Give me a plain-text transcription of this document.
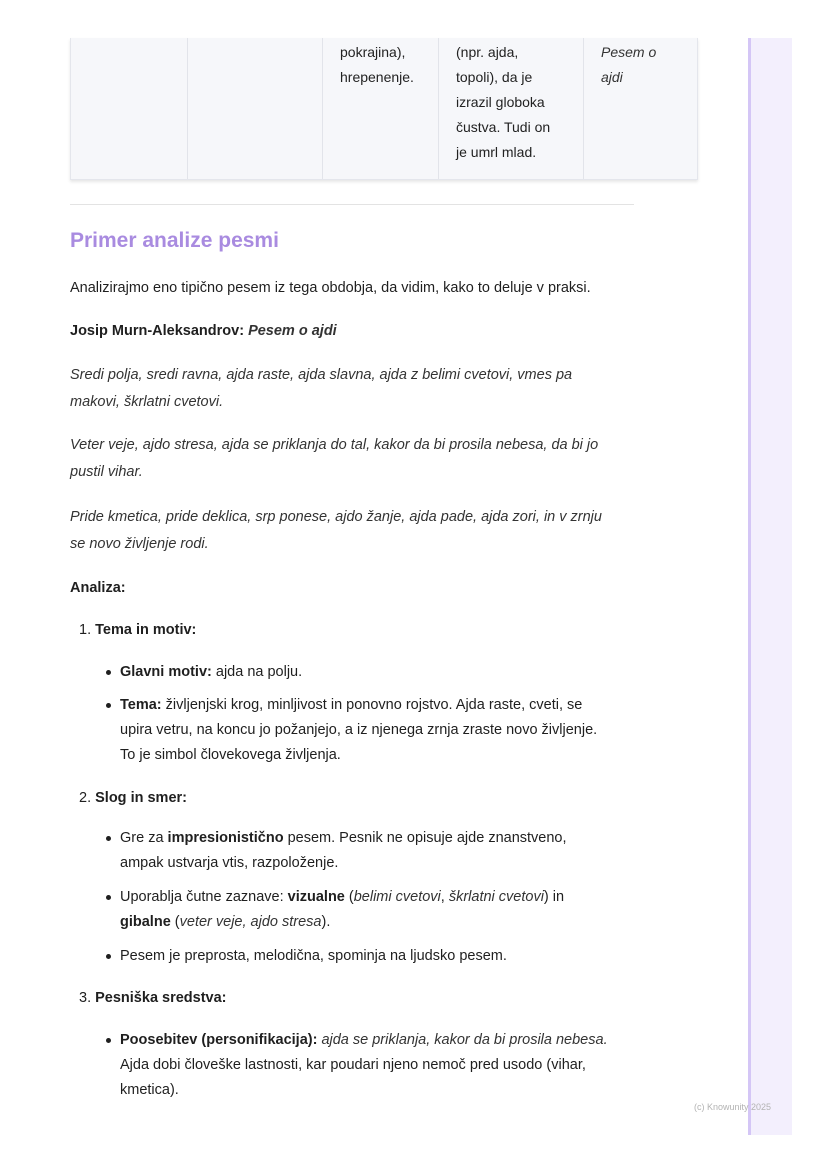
pokrajina),
hrepenenje.
(npr. ajda,
topoli), da je
izrazil globoka
čustva. Tudi on
je umrl mlad.
Pesem o
ajdi
Primer analize pesmi

Analizirajmo eno tipično pesem iz tega obdobja, da vidim, kako to deluje v praksi.

Josip Murn-Aleksandrov: Pesem o ajdi

Sredi polja, sredi ravna, ajda raste, ajda slavna, ajda z belimi cvetovi, vmes pa
makovi, škrlatni cvetovi.

Veter veje, ajdo stresa, ajda se priklanja do tal, kakor da bi prosila nebesa, da bi jo
pustil vihar.

Pride kmetica, pride deklica, srp ponese, ajdo žanje, ajda pade, ajda zori, in v zrnju
se novo življenje rodi.

Analiza:

1. Tema in motiv:
Glavni motiv: ajda na polju.
Tema: življenjski krog, minljivost in ponovno rojstvo. Ajda raste, cveti, se
upira vetru, na koncu jo požanjejo, a iz njenega zrnja zraste novo življenje.
To je simbol človekovega življenja.
2. Slog in smer:
Gre za impresionistično pesem. Pesnik ne opisuje ajde znanstveno,
ampak ustvarja vtis, razpoloženje.
Uporablja čutne zaznave: vizualne (belimi cvetovi, škrlatni cvetovi) in
gibalne (veter veje, ajdo stresa).
Pesem je preprosta, melodična, spominja na ljudsko pesem.
3. Pesniška sredstva:
Poosebitev (personifikacija): ajda se priklanja, kakor da bi prosila nebesa.
Ajda dobi človeške lastnosti, kar poudari njeno nemoč pred usodo (vihar,
kmetica).
(c) Knowunity 2025
